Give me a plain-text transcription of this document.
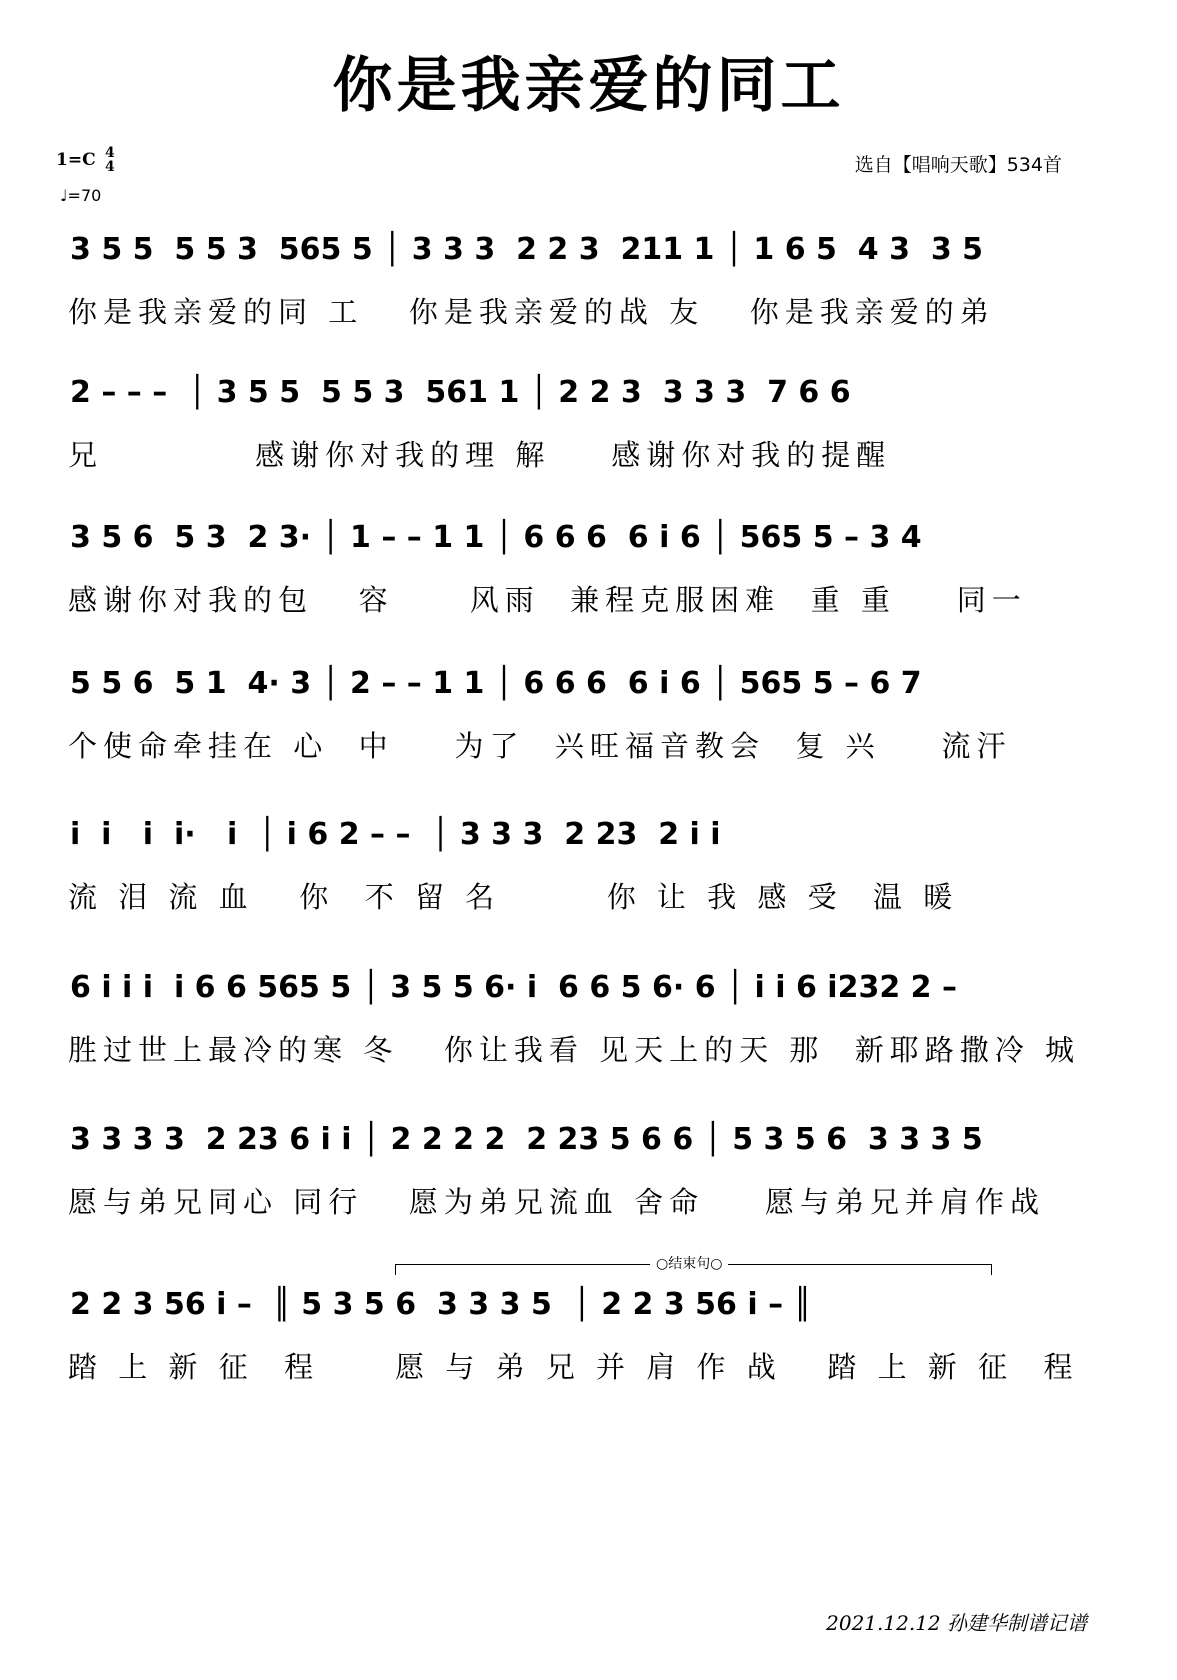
你是我亲爱的同工
1=C 4
4
♩=70
选自【唱响天歌】534首
3 5 5  5 5 3  565 5 │ 3 3 3  2 2 3  211 1 │ 1 6 5  4 3  3 5
你是我亲爱的同 工   你是我亲爱的战 友   你是我亲爱的弟
2 – – –  │ 3 5 5  5 5 3  561 1 │ 2 2 3  3 3 3  7 6 6
兄          感谢你对我的理 解    感谢你对我的提醒
3 5 6  5 3  2 3· │ 1 – – 1 1 │ 6 6 6  6 i 6 │ 565 5 – 3 4
感谢你对我的包   容     风雨  兼程克服困难  重 重    同一
5 5 6  5 1  4· 3 │ 2 – – 1 1 │ 6 6 6  6 i 6 │ 565 5 – 6 7
个使命牵挂在 心  中    为了  兴旺福音教会  复 兴    流汗
i  i   i  i·   i  │ i 6 2 – –  │ 3 3 3  2 23  2 i i
流 泪 流 血   你  不 留 名       你 让 我 感 受  温 暖
6 i i i  i 6 6 565 5 │ 3 5 5 6· i  6 6 5 6· 6 │ i i 6 i232 2 –
胜过世上最冷的寒 冬   你让我看 见天上的天 那  新耶路撒冷 城
3 3 3 3  2 23 6 i i │ 2 2 2 2  2 23 5 6 6 │ 5 3 5 6  3 3 3 5
愿与弟兄同心 同行   愿为弟兄流血 舍命    愿与弟兄并肩作战
○结束句○
2 2 3 56 i –  ║ 5 3 5 6  3 3 3 5  │ 2 2 3 56 i – ║
踏 上 新 征  程     愿 与 弟 兄 并 肩 作 战   踏 上 新 征  程
2021.12.12 孙建华制谱记谱
